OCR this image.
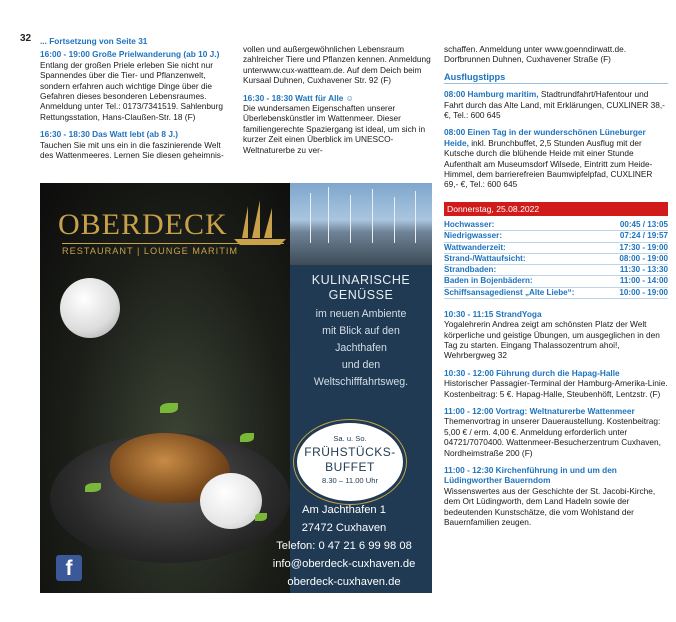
32 ... Fortsetzung von Seite 31
16:00 - 19:00 Große Prielwanderung (ab 10 J.)
Entlang der großen Priele erleben Sie nicht nur Spannendes über die Tier- und Pflanzenwelt, sondern erfahren auch wichtige Dinge über die Gefahren dieses besonderen Lebensraumes. Anmeldung unter Tel.: 0173/7341519. Sahlenburg Rettungsstation, Hans-Claußen-Str. 18 (F)
16:30 - 18:30 Das Watt lebt (ab 8 J.)
Tauchen Sie mit uns ein in die faszinierende Welt des Wattenmeeres. Lernen Sie diesen geheimnis-
vollen und außergewöhnlichen Lebensraum zahlreicher Tiere und Pflanzen kennen. Anmeldung unterwww.cux-wattteam.de. Auf dem Deich beim Kursaal Duhnen, Cuxhavener Str. 92 (F)
16:30 - 18:30 Watt für Alle ☺
Die wundersamen Eigenschaften unserer Überlebenskünstler im Wattenmeer. Dieser familiengerechte Spaziergang ist ideal, um sich in kurzer Zeit einen Überblick im UNESCO-Weltnaturerbe zu ver-
schaffen. Anmeldung unter www.goenndirwatt.de. Dorfbrunnen Duhnen, Cuxhavener Straße (F)
Ausflugstipps
08:00 Hamburg maritim, Stadtrundfahrt/Hafentour und Fahrt durch das Alte Land, mit Erklärungen, CUXLINER 38,- €, Tel.: 600 645
08:00 Einen Tag in der wunderschönen Lüneburger Heide, inkl. Brunchbuffet, 2,5 Stunden Ausflug mit der Kutsche durch die blühende Heide mit einer Stunde Aufenthalt am Museumsdorf Wilsede, Eintritt zum Heide-Himmel, dem barrierefreien Baumwipfelpfad, CUXLINER 69,- €, Tel.: 600 645
Donnerstag, 25.08.2022
Hochwasser:	00:45 / 13:05
Niedrigwasser:	07:24 / 19:57
Wattwanderzeit:	17:30 - 19:00
Strand-/Wattaufsicht:	08:00 - 19:00
Strandbaden:	11:30 - 13:30
Baden in Bojenbädern:	11:00 - 14:00
Schiffsansagedienst „Alte Liebe“:	10:00 - 19:00
10:30 - 11:15 StrandYoga
Yogalehrerin Andrea zeigt am schönsten Platz der Welt körperliche und geistige Übungen, um ausgeglichen in den Tag zu starten. Eingang Thalassozentrum ahoi!, Wehrbergweg 32
10:30 - 12:00 Führung durch die Hapag-Halle
Historischer Passagier-Terminal der Hamburg-Amerika-Linie. Kostenbeitrag: 5 €. Hapag-Halle, Steubenhöft, Lentzstr. (F)
11:00 - 12:00 Vortrag: Weltnaturerbe Wattenmeer
Themenvortrag in unserer Daueraustellung. Kostenbeitrag: 5,00 € / erm. 4,00 €. Anmeldung erforderlich unter 04721/7070400. Wattenmeer-Besucherzentrum Cuxhaven, Nordheimstraße 200 (F)
11:00 - 12:30 Kirchenführung in und um den Lüdingworther Bauerndom
Wissenswertes aus der Geschichte der St. Jacobi-Kirche, dem Ort Lüdingworth, dem Land Hadeln sowie der bedeutenden Kunstschätze, die vom Wohlstand der Bauernfamilien zeugen.
OBERDECK
RESTAURANT | LOUNGE MARITIM
KULINARISCHE GENÜSSE
im neuen Ambiente
mit Blick auf den
Jachthafen
und den
Weltschifffahrtsweg.
Sa. u. So.
FRÜHSTÜCKS-
BUFFET
8.30 – 11.00 Uhr
Am Jachthafen 1
27472 Cuxhaven
Telefon: 0 47 21 6 99 98 08
info@oberdeck-cuxhaven.de
oberdeck-cuxhaven.de
f
